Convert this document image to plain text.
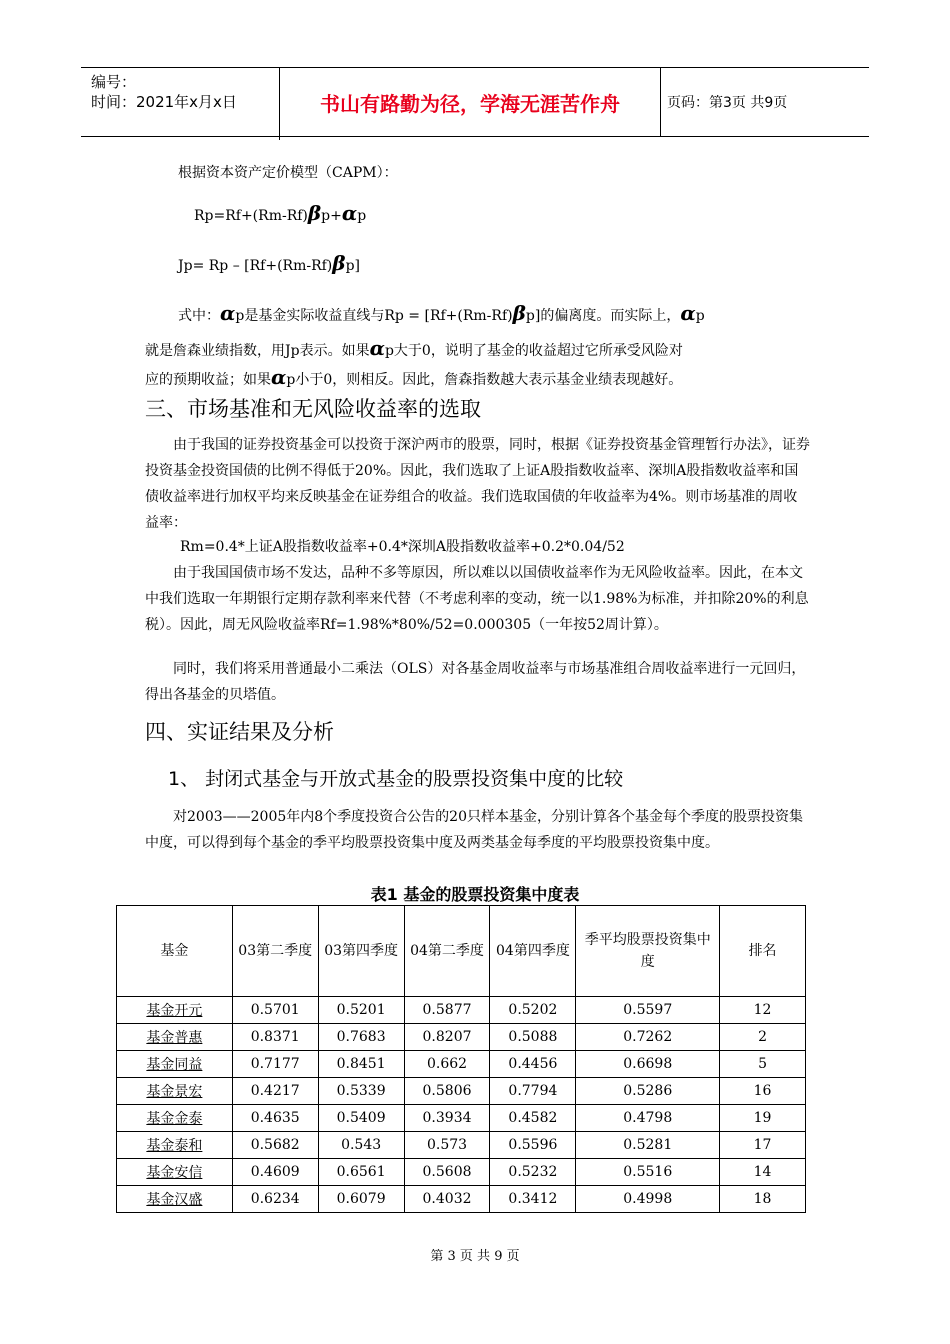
编号：
时间：2021年x月x日	书山有路勤为径，学海无涯苦作舟	页码：第3页 共9页
根据资本资产定价模型（CAPM）：
Rp=Rf+(Rm-Rf)βp+αp
Jp= Rp – [Rf+(Rm-Rf)βp]
式中：αp是基金实际收益直线与Rp = [Rf+(Rm-Rf)βp]的偏离度。而实际上，αp
就是詹森业绩指数，用Jp表示。如果αp大于0，说明了基金的收益超过它所承受风险对
应的预期收益；如果αp小于0，则相反。因此，詹森指数越大表示基金业绩表现越好。
三、市场基准和无风险收益率的选取
由于我国的证券投资基金可以投资于深沪两市的股票，同时，根据《证券投资基金管理暂行办法》，证券投资基金投资国债的比例不得低于20%。因此，我们选取了上证A股指数收益率、深圳A股指数收益率和国债收益率进行加权平均来反映基金在证券组合的收益。我们选取国债的年收益率为4%。则市场基准的周收益率：
Rm=0.4*上证A股指数收益率+0.4*深圳A股指数收益率+0.2*0.04/52
由于我国国债市场不发达，品种不多等原因，所以难以以国债收益率作为无风险收益率。因此，在本文中我们选取一年期银行定期存款利率来代替（不考虑利率的变动，统一以1.98%为标准，并扣除20%的利息税）。因此，周无风险收益率Rf=1.98%*80%/52=0.000305（一年按52周计算）。
同时，我们将采用普通最小二乘法（OLS）对各基金周收益率与市场基准组合周收益率进行一元回归，得出各基金的贝塔值。
四、实证结果及分析
1、 封闭式基金与开放式基金的股票投资集中度的比较
对2003——2005年内8个季度投资合公告的20只样本基金，分别计算各个基金每个季度的股票投资集中度，可以得到每个基金的季平均股票投资集中度及两类基金每季度的平均股票投资集中度。
表1 基金的股票投资集中度表
基金	03第二季度	03第四季度	04第二季度	04第四季度	季平均股票投资集中度	排名
基金开元	0.5701	0.5201	0.5877	0.5202	0.5597	12
基金普惠	0.8371	0.7683	0.8207	0.5088	0.7262	2
基金同益	0.7177	0.8451	0.662	0.4456	0.6698	5
基金景宏	0.4217	0.5339	0.5806	0.7794	0.5286	16
基金金泰	0.4635	0.5409	0.3934	0.4582	0.4798	19
基金泰和	0.5682	0.543	0.573	0.5596	0.5281	17
基金安信	0.4609	0.6561	0.5608	0.5232	0.5516	14
基金汉盛	0.6234	0.6079	0.4032	0.3412	0.4998	18
第 3 页 共 9 页
